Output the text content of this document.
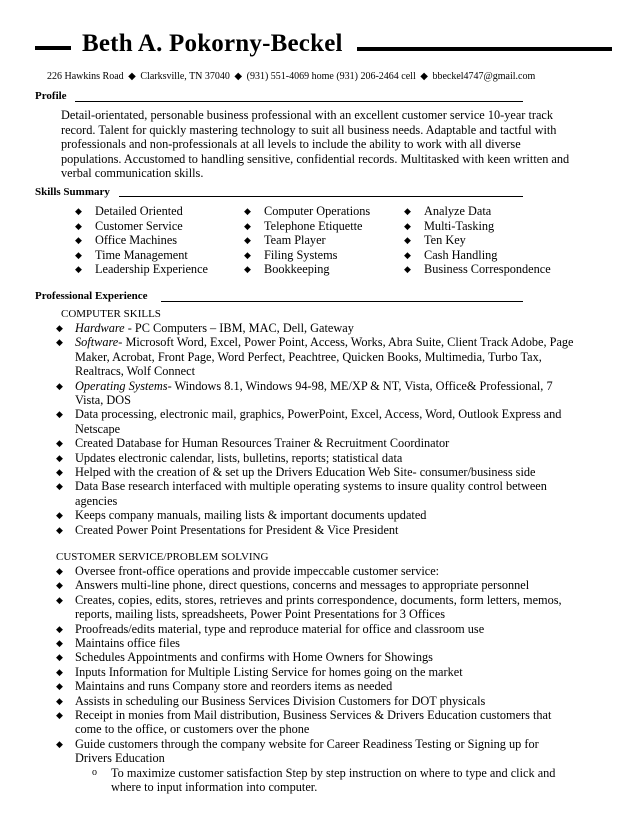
Beth A. Pokorny-Beckel
226 Hawkins Road ◆ Clarksville, TN 37040 ◆ (931) 551-4069 home (931) 206-2464 cell ◆ bbeckel4747@gmail.com
Profile
Detail-orientated, personable business professional with an excellent customer service 10-year track record. Talent for quickly mastering technology to suit all business needs. Adaptable and tactful with professionals and non-professionals at all levels to include the ability to work with all diverse populations. Accustomed to handling sensitive, confidential records. Multitasked with keen written and verbal communication skills.
Skills Summary
◆ Detailed Oriented
◆ Customer Service
◆ Office Machines
◆ Time Management
◆ Leadership Experience
◆ Computer Operations
◆ Telephone Etiquette
◆ Team Player
◆ Filing Systems
◆ Bookkeeping
◆ Analyze Data
◆ Multi-Tasking
◆ Ten Key
◆ Cash Handling
◆ Business Correspondence
Professional Experience
COMPUTER SKILLS
◆ Hardware - PC Computers – IBM, MAC, Dell, Gateway
◆ Software- Microsoft Word, Excel, Power Point, Access, Works, Abra Suite, Client Track Adobe, Page Maker, Acrobat, Front Page, Word Perfect, Peachtree, Quicken Books, Multimedia, Turbo Tax, Realtracs, Wolf Connect
◆ Operating Systems- Windows 8.1, Windows 94-98, ME/XP & NT, Vista, Office& Professional, 7 Vista, DOS
◆ Data processing, electronic mail, graphics, PowerPoint, Excel, Access, Word, Outlook Express and Netscape
◆ Created Database for Human Resources Trainer & Recruitment Coordinator
◆ Updates electronic calendar, lists, bulletins, reports; statistical data
◆ Helped with the creation of & set up the Drivers Education Web Site- consumer/business side
◆ Data Base research interfaced with multiple operating systems to insure quality control between agencies
◆ Keeps company manuals, mailing lists & important documents updated
◆ Created Power Point Presentations for President & Vice President
CUSTOMER SERVICE/PROBLEM SOLVING
◆ Oversee front-office operations and provide impeccable customer service:
◆ Answers multi-line phone, direct questions, concerns and messages to appropriate personnel
◆ Creates, copies, edits, stores, retrieves and prints correspondence, documents, form letters, memos, reports, mailing lists, spreadsheets, Power Point Presentations for 3 Offices
◆ Proofreads/edits material, type and reproduce material for office and classroom use
◆ Maintains office files
◆ Schedules Appointments and confirms with Home Owners for Showings
◆ Inputs Information for Multiple Listing Service for homes going on the market
◆ Maintains and runs Company store and reorders items as needed
◆ Assists in scheduling our Business Services Division Customers for DOT physicals
◆ Receipt in monies from Mail distribution, Business Services & Drivers Education customers that come to the office, or customers over the phone
◆ Guide customers through the company website for Career Readiness Testing or Signing up for Drivers Education
o To maximize customer satisfaction Step by step instruction on where to type and click and where to input information into computer.
